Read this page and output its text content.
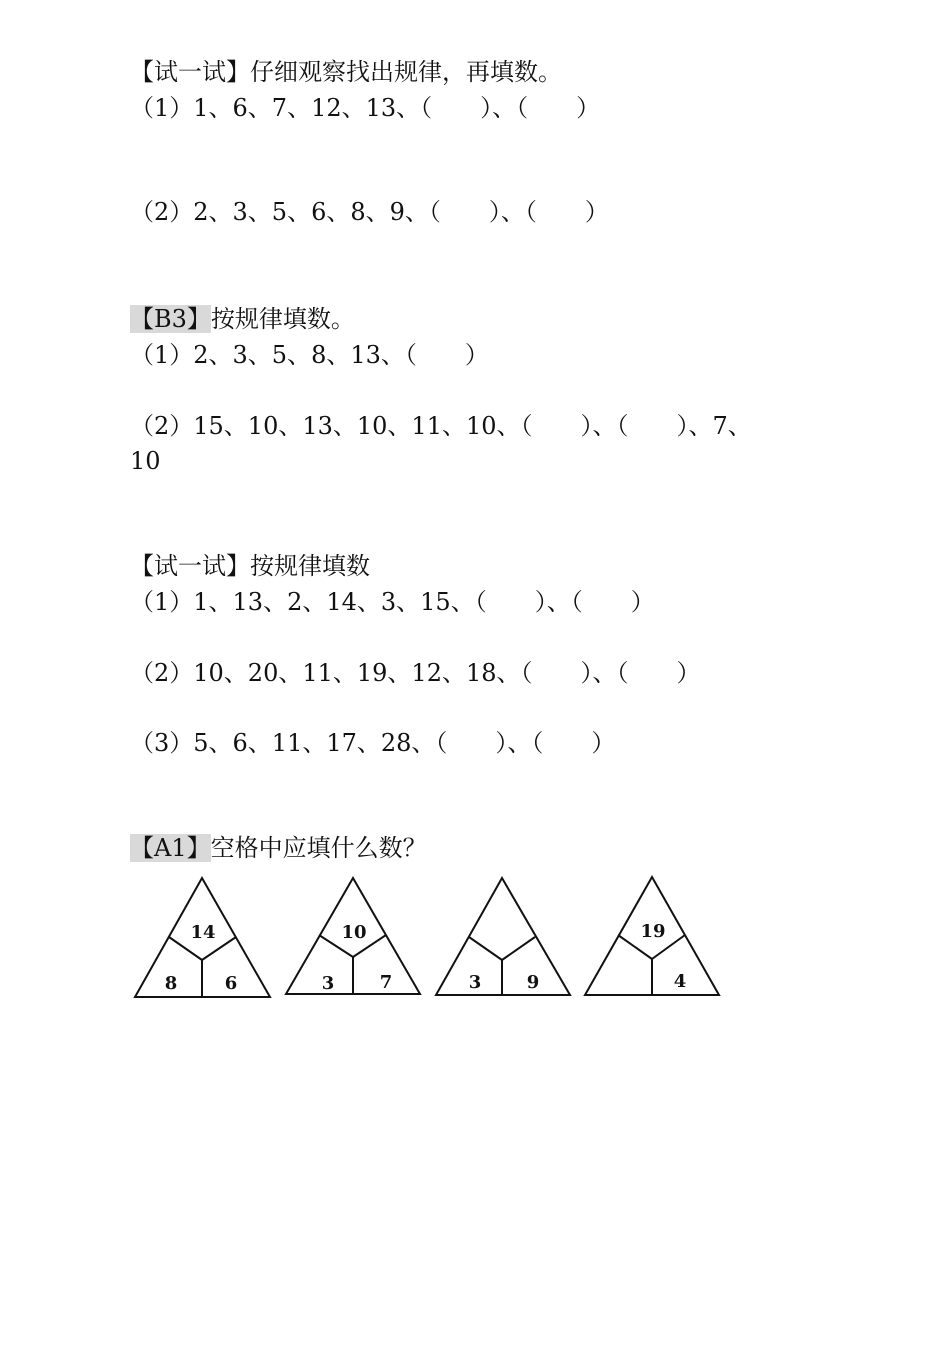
【试一试】仔细观察找出规律，再填数。
（1）1、6、7、12、13、（　　）、（　　）
（2）2、3、5、6、8、9、（　　）、（　　）
【B3】按规律填数。
（1）2、3、5、8、13、（　　）
（2）15、10、13、10、11、10、（　　）、（　　）、7、
10
【试一试】按规律填数
（1）1、13、2、14、3、15、（　　）、（　　）
（2）10、20、11、19、12、18、（　　）、（　　）
（3）5、6、11、17、28、（　　）、（　　）
【A1】空格中应填什么数？
14
8	6
10
3	7	3	9
19
4
